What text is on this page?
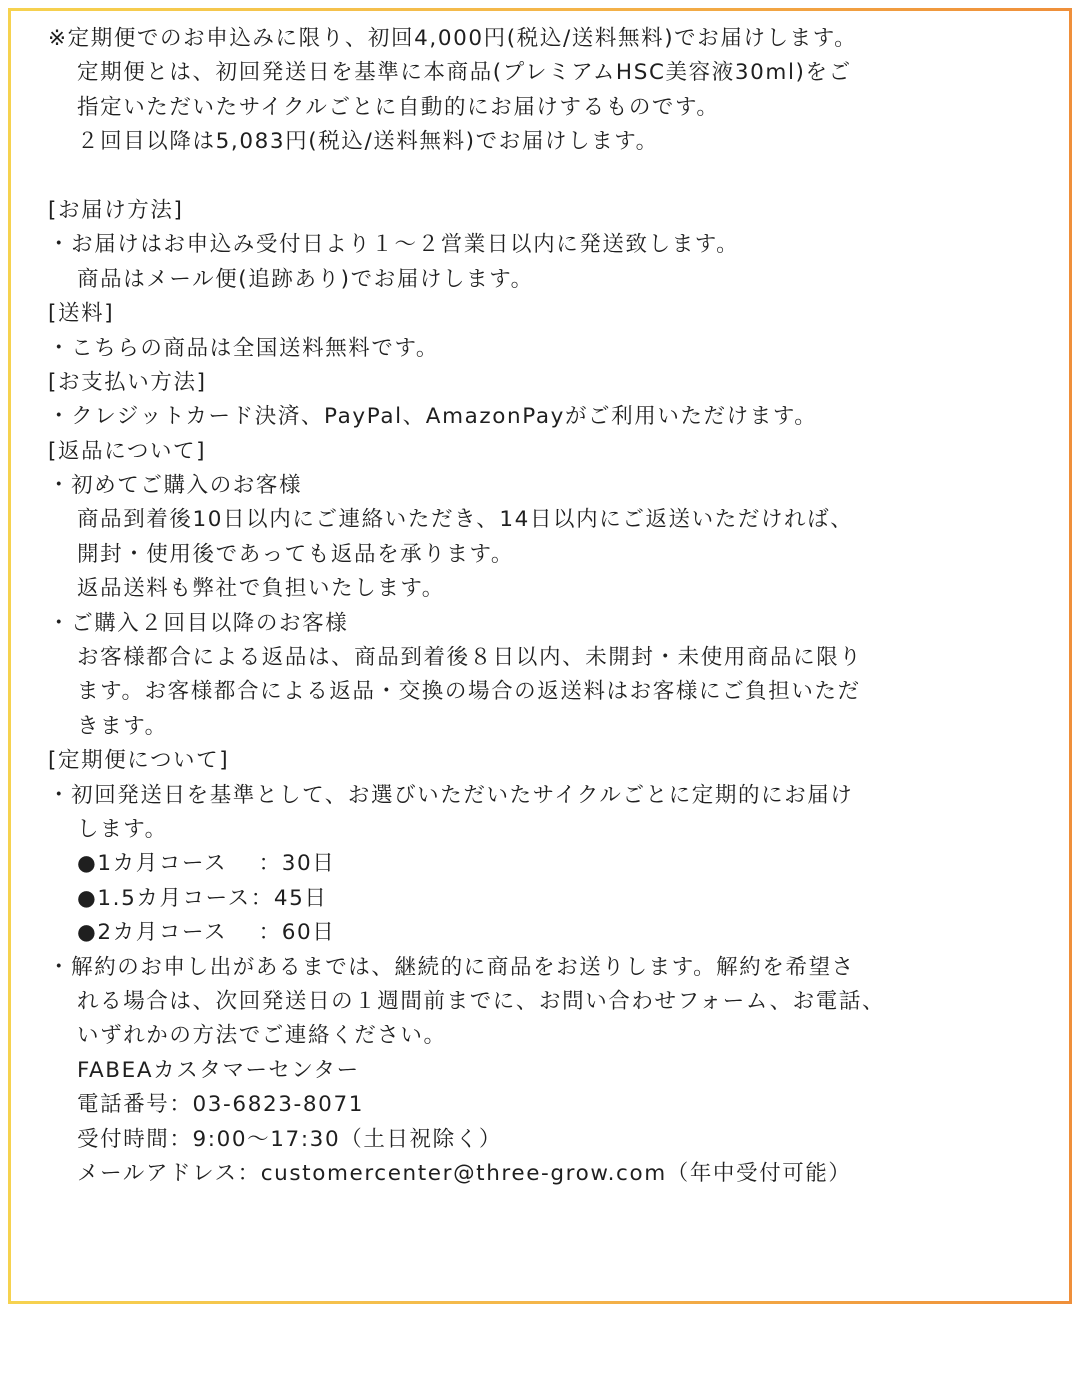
※定期便でのお申込みに限り、初回4,000円(税込/送料無料)でお届けします。
定期便とは、初回発送日を基準に本商品(プレミアムHSC美容液30ml)をご
指定いただいたサイクルごとに自動的にお届けするものです。
２回目以降は5,083円(税込/送料無料)でお届けします。
[お届け方法]
・お届けはお申込み受付日より１～２営業日以内に発送致します。
商品はメール便(追跡あり)でお届けします。
[送料]
・こちらの商品は全国送料無料です。
[お支払い方法]
・クレジットカード決済、PayPal、AmazonPayがご利用いただけます。
[返品について]
・初めてご購入のお客様
商品到着後10日以内にご連絡いただき、14日以内にご返送いただければ、
開封・使用後であっても返品を承ります。
返品送料も弊社で負担いたします。
・ご購入２回目以降のお客様
お客様都合による返品は、商品到着後８日以内、未開封・未使用商品に限り
ます。お客様都合による返品・交換の場合の返送料はお客様にご負担いただ
きます。
[定期便について]
・初回発送日を基準として、お選びいただいたサイクルごとに定期的にお届け
します。
●1カ月コース　 ：30日
●1.5カ月コース：45日
●2カ月コース　 ：60日
・解約のお申し出があるまでは、継続的に商品をお送りします。解約を希望さ
れる場合は、次回発送日の１週間前までに、お問い合わせフォーム、お電話、
いずれかの方法でご連絡ください。
FABEAカスタマーセンター
電話番号：03-6823-8071
受付時間：9:00～17:30（土日祝除く）
メールアドレス：customercenter@three-grow.com（年中受付可能）
